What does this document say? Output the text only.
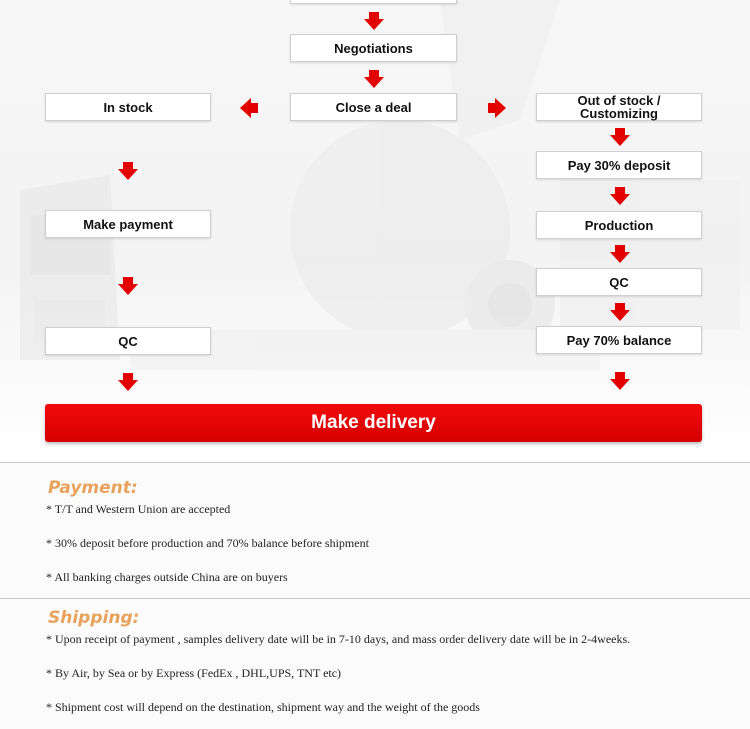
Negotiations
Close a deal
In stock
Make payment
QC
Out of stock /
Customizing
Pay 30% deposit
Production
QC
Pay 70% balance
Make delivery
Payment:
* T/T and Western Union are accepted
* 30% deposit before production and 70% balance before shipment
* All banking charges outside China are on buyers
Shipping:
* Upon receipt of payment , samples delivery date will be in 7-10 days, and mass order delivery date will be in 2-4weeks.
* By Air, by Sea or by Express (FedEx , DHL,UPS, TNT etc)
* Shipment cost will depend on the destination, shipment way and the weight of the goods
